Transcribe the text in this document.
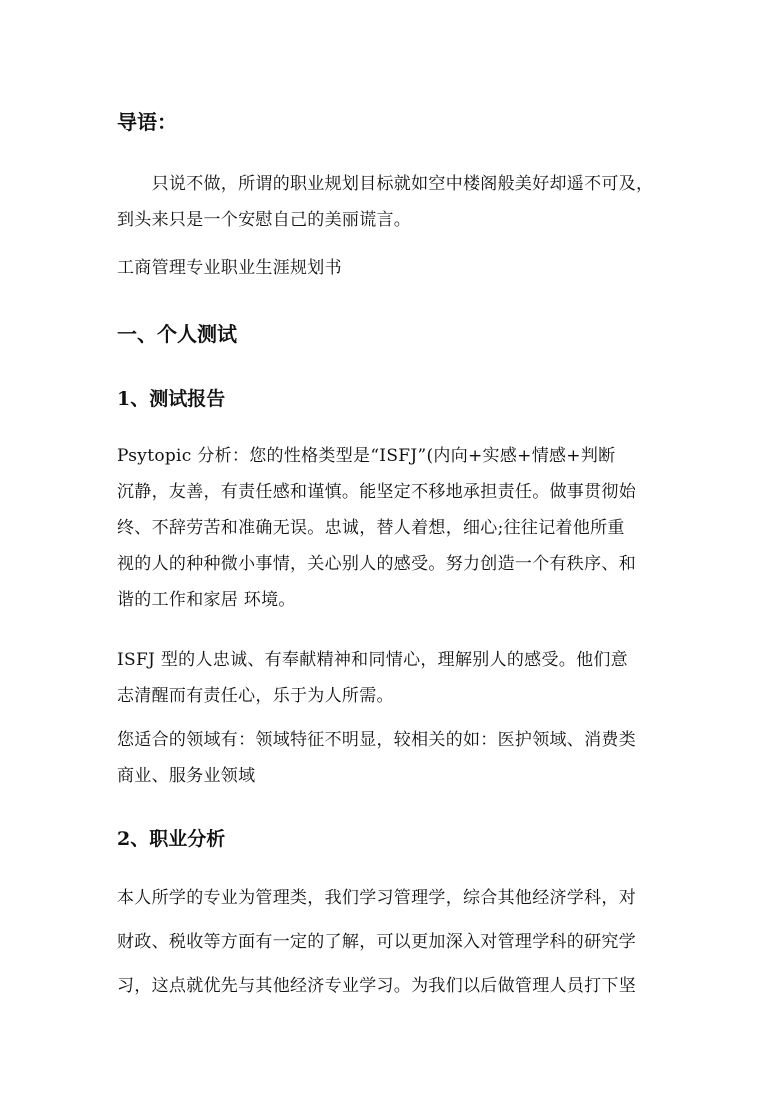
导语：
　　只说不做，所谓的职业规划目标就如空中楼阁般美好却遥不可及，
到头来只是一个安慰自己的美丽谎言。
工商管理专业职业生涯规划书
一、个人测试
1、测试报告
Psytopic 分析：您的性格类型是“ISFJ”(内向+实感+情感+判断
沉静，友善，有责任感和谨慎。能坚定不移地承担责任。做事贯彻始
终、不辞劳苦和准确无误。忠诚，替人着想，细心;往往记着他所重
视的人的种种微小事情，关心别人的感受。努力创造一个有秩序、和
谐的工作和家居 环境。
ISFJ 型的人忠诚、有奉献精神和同情心，理解别人的感受。他们意
志清醒而有责任心，乐于为人所需。
您适合的领域有：领域特征不明显，较相关的如：医护领域、消费类
商业、服务业领域
2、职业分析
本人所学的专业为管理类，我们学习管理学，综合其他经济学科，对
财政、税收等方面有一定的了解，可以更加深入对管理学科的研究学
习，这点就优先与其他经济专业学习。为我们以后做管理人员打下坚
